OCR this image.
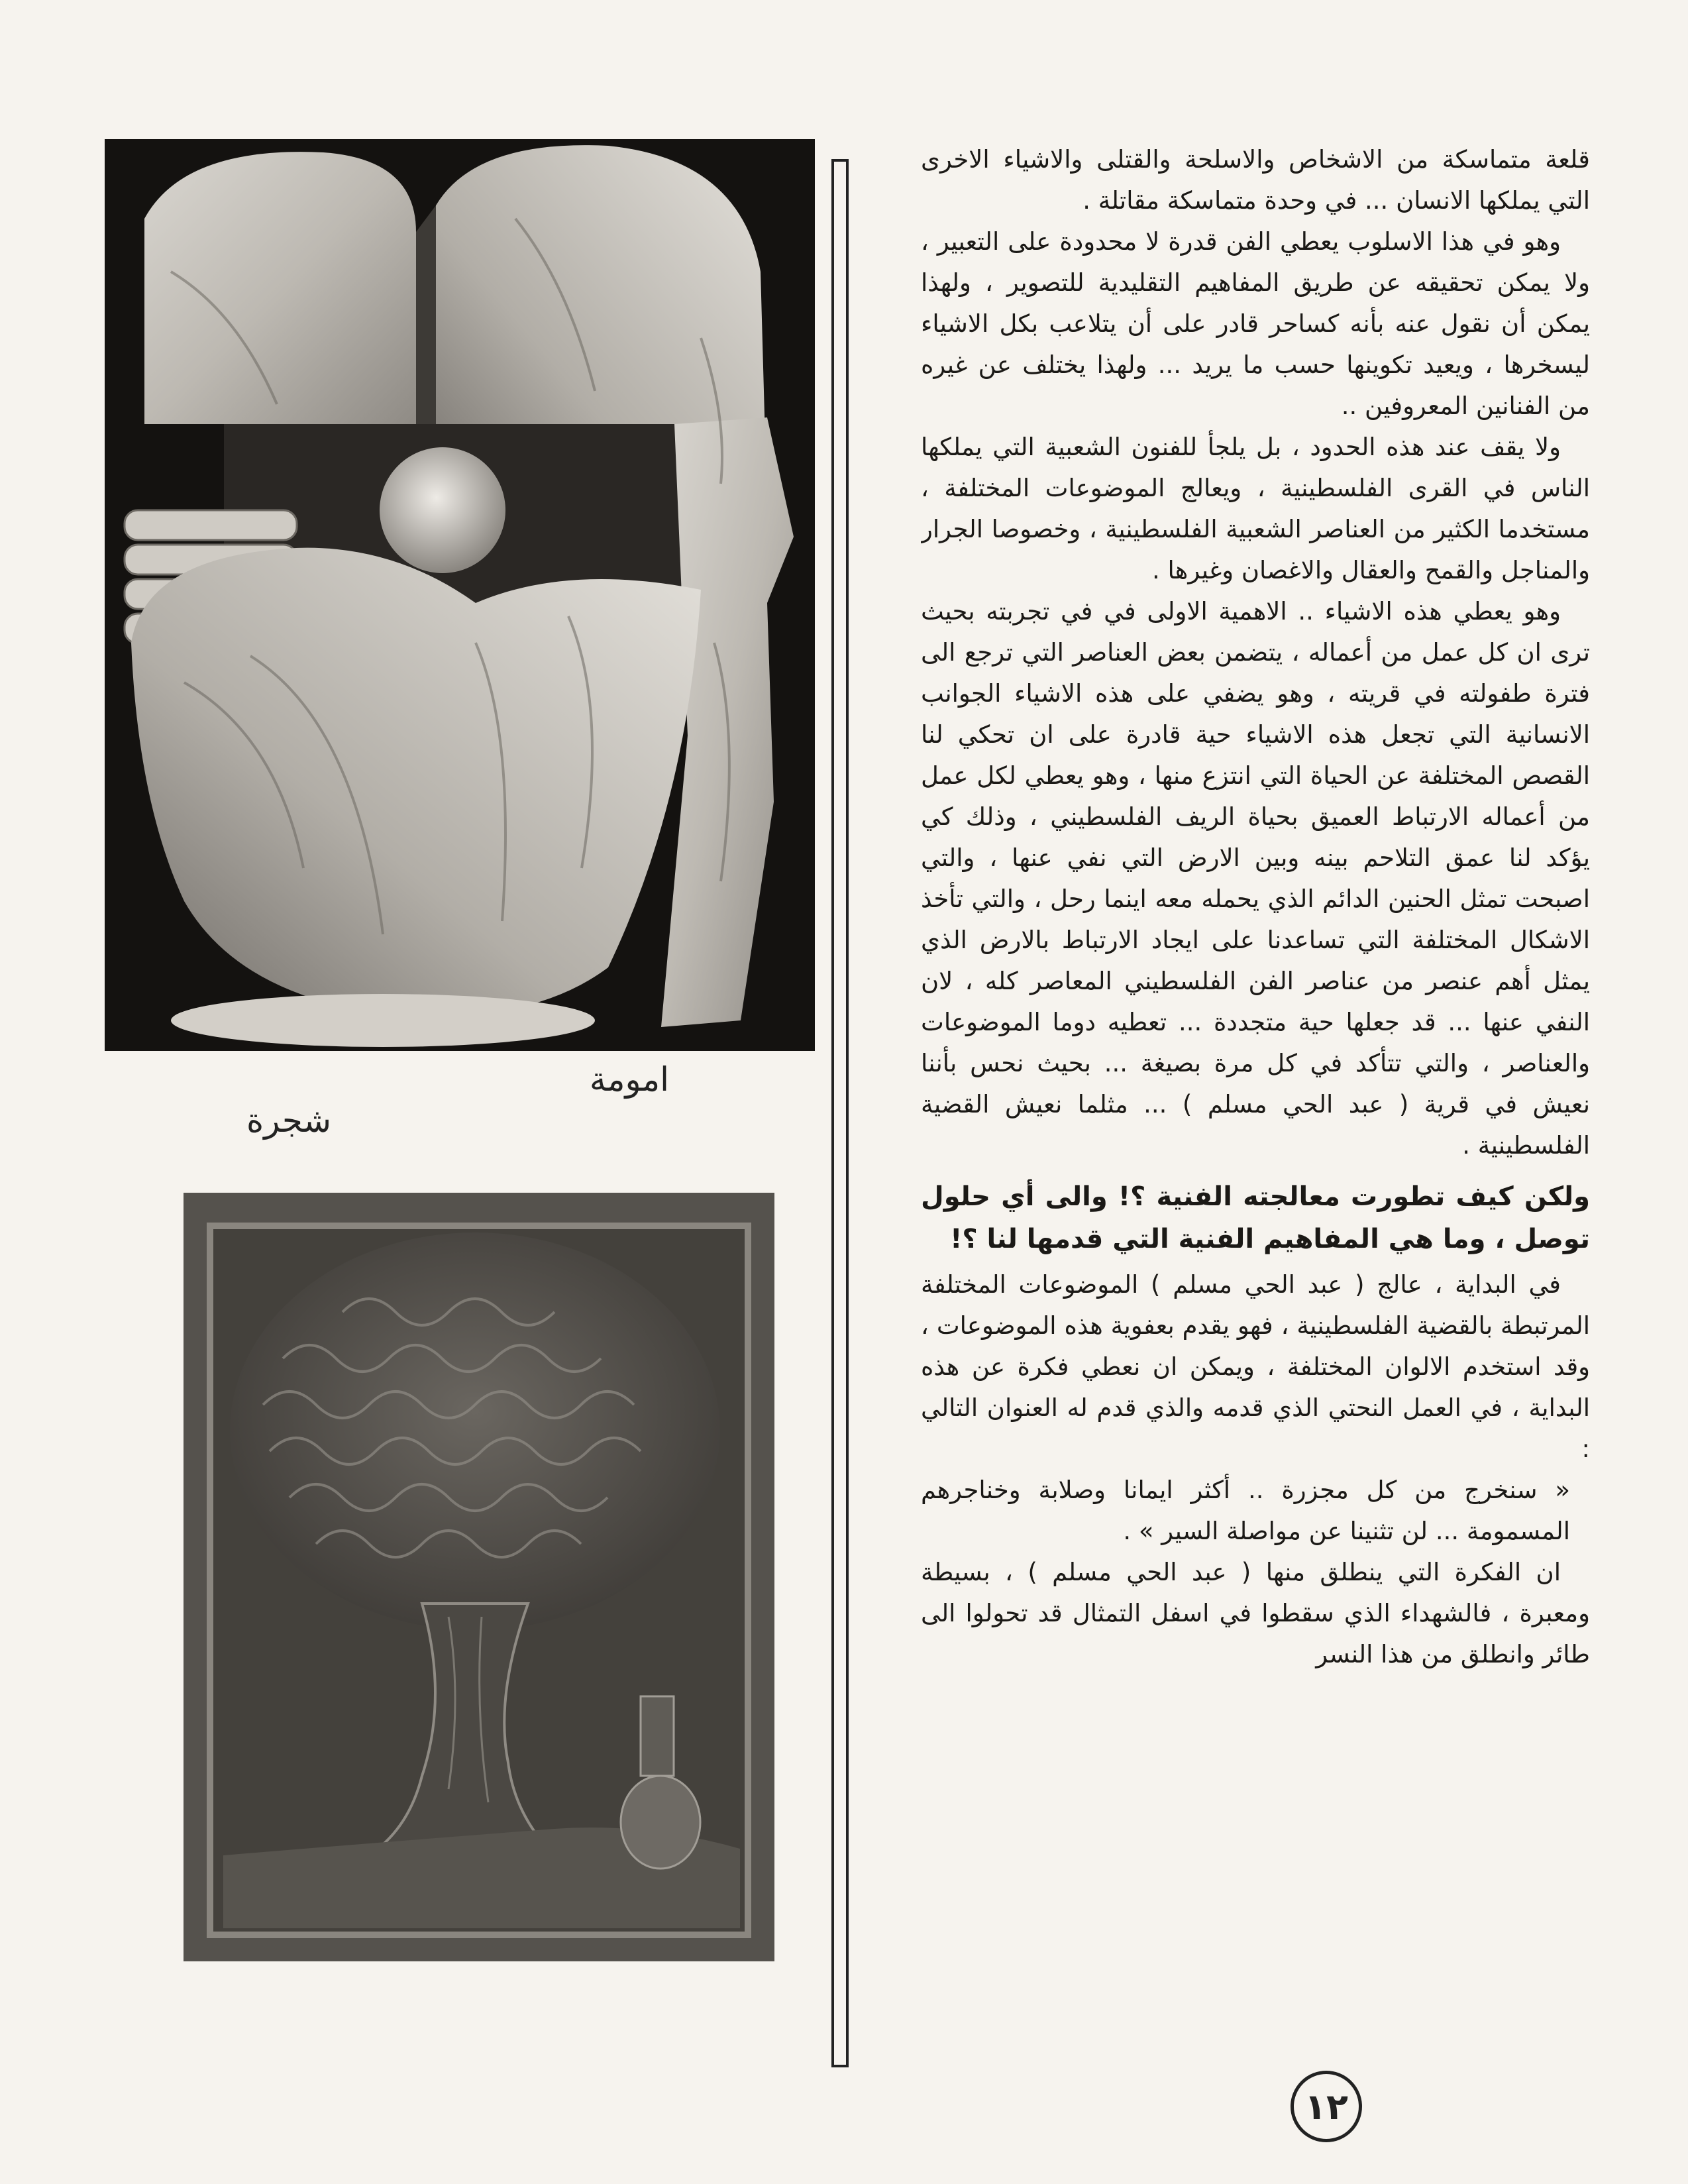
امومة
شجرة

قلعة متماسكة من الاشخاص والاسلحة والقتلى والاشياء الاخرى التي يملكها الانسان ... في وحدة متماسكة مقاتلة .

وهو في هذا الاسلوب يعطي الفن قدرة لا محدودة على التعبير ، ولا يمكن تحقيقه عن طريق المفاهيم التقليدية للتصوير ، ولهذا يمكن أن نقول عنه بأنه كساحر قادر على أن يتلاعب بكل الاشياء ليسخرها ، ويعيد تكوينها حسب ما يريد ... ولهذا يختلف عن غيره من الفنانين المعروفين ..

ولا يقف عند هذه الحدود ، بل يلجأ للفنون الشعبية التي يملكها الناس في القرى الفلسطينية ، ويعالج الموضوعات المختلفة ، مستخدما الكثير من العناصر الشعبية الفلسطينية ، وخصوصا الجرار والمناجل والقمح والعقال والاغصان وغيرها .

وهو يعطي هذه الاشياء .. الاهمية الاولى في في تجربته بحيث ترى ان كل عمل من أعماله ، يتضمن بعض العناصر التي ترجع الى فترة طفولته في قريته ، وهو يضفي على هذه الاشياء الجوانب الانسانية التي تجعل هذه الاشياء حية قادرة على ان تحكي لنا القصص المختلفة عن الحياة التي انتزع منها ، وهو يعطي لكل عمل من أعماله الارتباط العميق بحياة الريف الفلسطيني ، وذلك كي يؤكد لنا عمق التلاحم بينه وبين الارض التي نفي عنها ، والتي اصبحت تمثل الحنين الدائم الذي يحمله معه اينما رحل ، والتي تأخذ الاشكال المختلفة التي تساعدنا على ايجاد الارتباط بالارض الذي يمثل أهم عنصر من عناصر الفن الفلسطيني المعاصر كله ، لان النفي عنها ... قد جعلها حية متجددة ... تعطيه دوما الموضوعات والعناصر ، والتي تتأكد في كل مرة بصيغة ... بحيث نحس بأننا نعيش في قرية ( عبد الحي مسلم ) ... مثلما نعيش القضية الفلسطينية .

ولكن كيف تطورت معالجته الفنية ؟! والى أي حلول توصل ، وما هي المفاهيم الفنية التي قدمها لنا ؟!

في البداية ، عالج ( عبد الحي مسلم ) الموضوعات المختلفة المرتبطة بالقضية الفلسطينية ، فهو يقدم بعفوية هذه الموضوعات ، وقد استخدم الالوان المختلفة ، ويمكن ان نعطي فكرة عن هذه البداية ، في العمل النحتي الذي قدمه والذي قدم له العنوان التالي :

« سنخرج من كل مجزرة .. أكثر ايمانا وصلابة وخناجرهم المسمومة ... لن تثنينا عن مواصلة السير » .

ان الفكرة التي ينطلق منها ( عبد الحي مسلم ) ، بسيطة ومعبرة ، فالشهداء الذي سقطوا في اسفل التمثال قد تحولوا الى طائر وانطلق من هذا النسر

١٢
